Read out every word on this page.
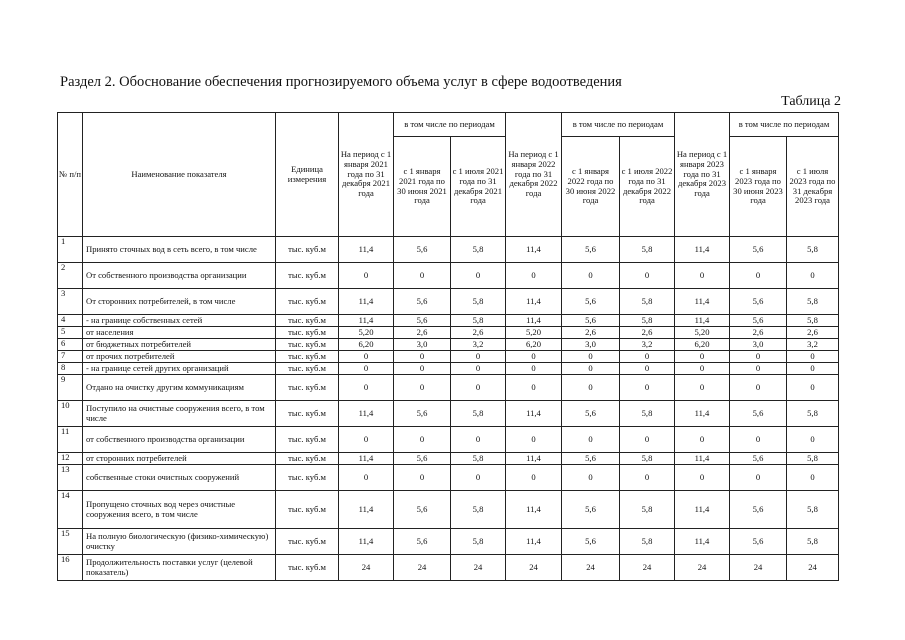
Раздел 2. Обоснование обеспечения прогнозируемого объема услуг в сфере водоотведения
Таблица 2
№ п/п	Наименование показателя	Единица измерения	На период с 1 января 2021 года по 31 декабря 2021 года	в том числе по периодам		На период с 1 января 2022 года по 31 декабря 2022 года	в том числе по периодам		На период с 1 января 2023 года по 31 декабря 2023 года	в том числе по периодам	
				с 1 января 2021 года по 30 июня 2021 года	с 1 июля 2021 года по 31 декабря 2021 года		с 1 января 2022 года по 30 июня 2022 года	с 1 июля 2022 года по 31 декабря 2022 года		с 1 января 2023 года по 30 июня 2023 года	с 1 июля 2023 года по 31 декабря 2023 года
1	Принято сточных вод в сеть всего, в том числе	тыс. куб.м	11,4	5,6	5,8	11,4	5,6	5,8	11,4	5,6	5,8
2	От собственного производства организации	тыс. куб.м	0	0	0	0	0	0	0	0	0
3	От сторонних потребителей, в том числе	тыс. куб.м	11,4	5,6	5,8	11,4	5,6	5,8	11,4	5,6	5,8
4	- на границе собственных сетей	тыс. куб.м	11,4	5,6	5,8	11,4	5,6	5,8	11,4	5,6	5,8
5	от населения	тыс. куб.м	5,20	2,6	2,6	5,20	2,6	2,6	5,20	2,6	2,6
6	от бюджетных потребителей	тыс. куб.м	6,20	3,0	3,2	6,20	3,0	3,2	6,20	3,0	3,2
7	от прочих потребителей	тыс. куб.м	0	0	0	0	0	0	0	0	0
8	- на границе сетей других организаций	тыс. куб.м	0	0	0	0	0	0	0	0	0
9	Отдано на очистку другим коммуникациям	тыс. куб.м	0	0	0	0	0	0	0	0	0
10	Поступило на очистные сооружения всего, в том числе	тыс. куб.м	11,4	5,6	5,8	11,4	5,6	5,8	11,4	5,6	5,8
11	от собственного производства организации	тыс. куб.м	0	0	0	0	0	0	0	0	0
12	от сторонних потребителей	тыс. куб.м	11,4	5,6	5,8	11,4	5,6	5,8	11,4	5,6	5,8
13	собственные стоки очистных сооружений	тыс. куб.м	0	0	0	0	0	0	0	0	0
14	Пропущено сточных вод через очистные сооружения всего, в том числе	тыс. куб.м	11,4	5,6	5,8	11,4	5,6	5,8	11,4	5,6	5,8
15	На полную биологическую (физико-химическую) очистку	тыс. куб.м	11,4	5,6	5,8	11,4	5,6	5,8	11,4	5,6	5,8
16	Продолжительность поставки услуг (целевой показатель)	тыс. куб.м	24	24	24	24	24	24	24	24	24
